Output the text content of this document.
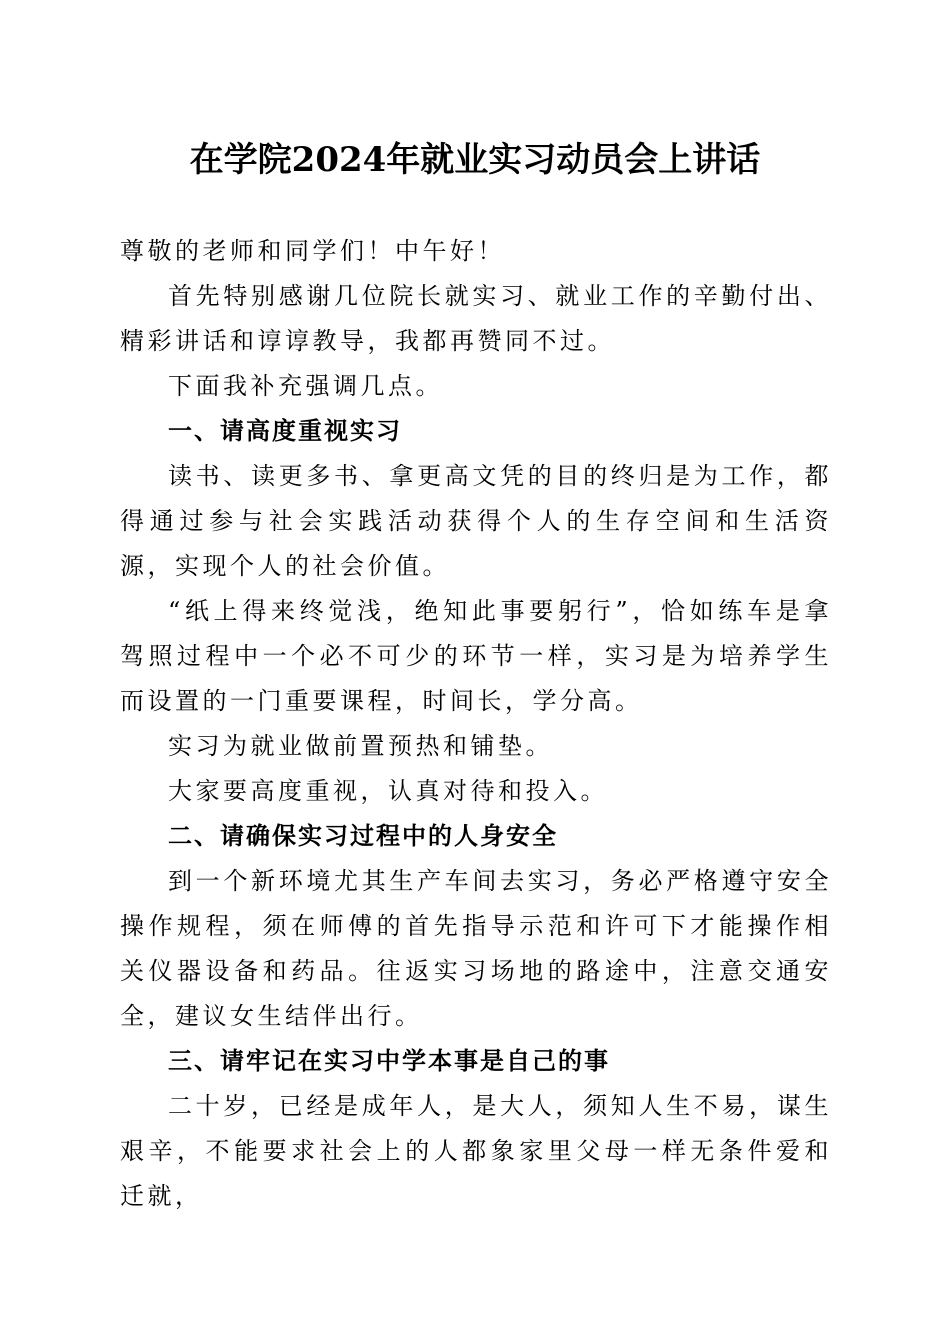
在学院2024年就业实习动员会上讲话

尊敬的老师和同学们！中午好！

首先特别感谢几位院长就实习、就业工作的辛勤付出、精彩讲话和谆谆教导，我都再赞同不过。

下面我补充强调几点。

一、请高度重视实习

读书、读更多书、拿更高文凭的目的终归是为工作，都得通过参与社会实践活动获得个人的生存空间和生活资源，实现个人的社会价值。

“纸上得来终觉浅，绝知此事要躬行”，恰如练车是拿驾照过程中一个必不可少的环节一样，实习是为培养学生而设置的一门重要课程，时间长，学分高。

实习为就业做前置预热和铺垫。

大家要高度重视，认真对待和投入。

二、请确保实习过程中的人身安全

到一个新环境尤其生产车间去实习，务必严格遵守安全操作规程，须在师傅的首先指导示范和许可下才能操作相关仪器设备和药品。往返实习场地的路途中，注意交通安全，建议女生结伴出行。

三、请牢记在实习中学本事是自己的事

二十岁，已经是成年人，是大人，须知人生不易，谋生艰辛，不能要求社会上的人都象家里父母一样无条件爱和迁就，
